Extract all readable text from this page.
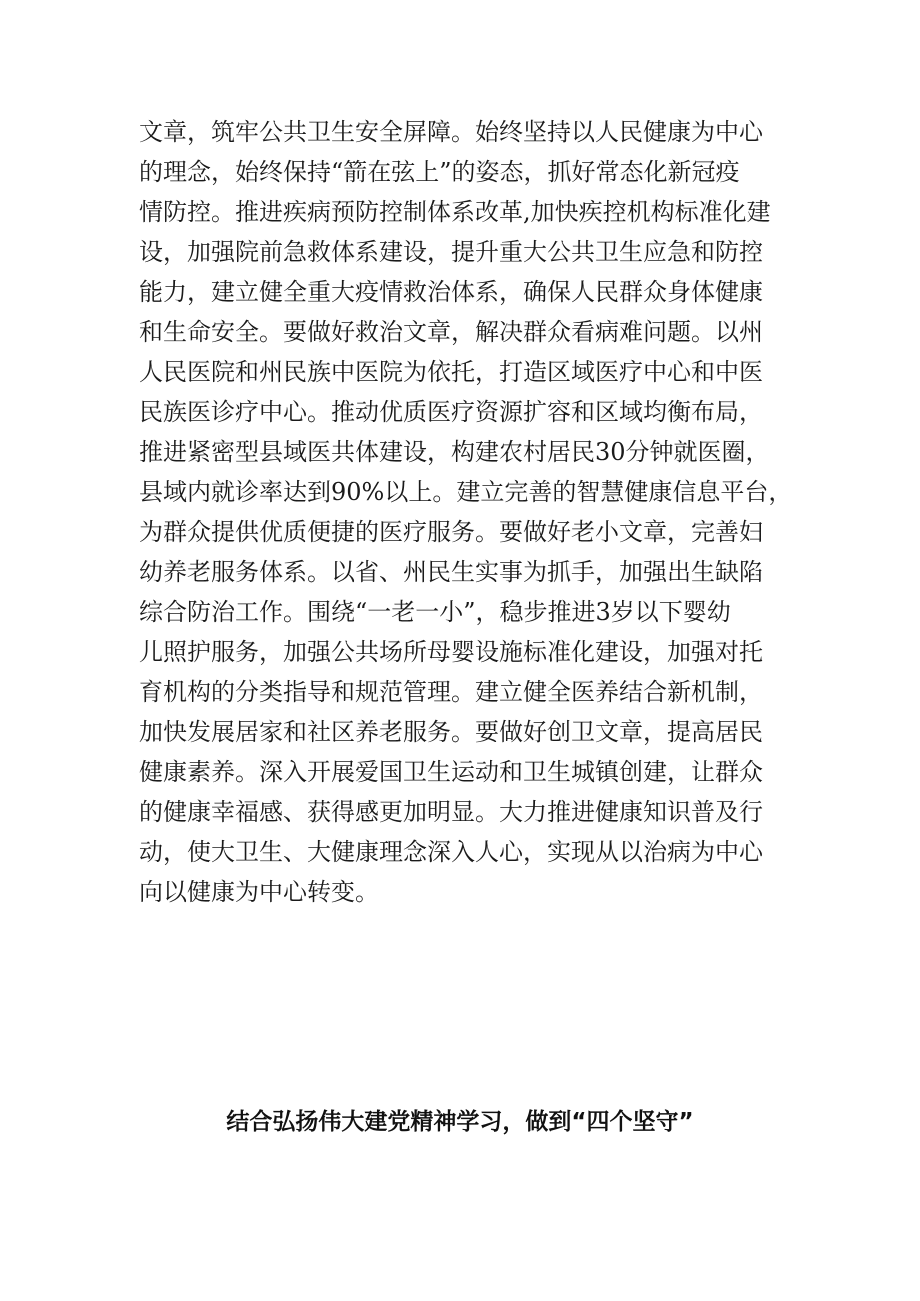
文章，筑牢公共卫生安全屏障。始终坚持以人民健康为中心
的理念，始终保持“箭在弦上”的姿态，抓好常态化新冠疫
情防控。推进疾病预防控制体系改革,加快疾控机构标准化建
设，加强院前急救体系建设，提升重大公共卫生应急和防控
能力，建立健全重大疫情救治体系，确保人民群众身体健康
和生命安全。要做好救治文章，解决群众看病难问题。以州
人民医院和州民族中医院为依托，打造区域医疗中心和中医
民族医诊疗中心。推动优质医疗资源扩容和区域均衡布局，
推进紧密型县域医共体建设，构建农村居民30分钟就医圈，
县域内就诊率达到90%以上。建立完善的智慧健康信息平台，
为群众提供优质便捷的医疗服务。要做好老小文章，完善妇
幼养老服务体系。以省、州民生实事为抓手，加强出生缺陷
综合防治工作。围绕“一老一小”，稳步推进3岁以下婴幼
儿照护服务，加强公共场所母婴设施标准化建设，加强对托
育机构的分类指导和规范管理。建立健全医养结合新机制，
加快发展居家和社区养老服务。要做好创卫文章，提高居民
健康素养。深入开展爱国卫生运动和卫生城镇创建，让群众
的健康幸福感、获得感更加明显。大力推进健康知识普及行
动，使大卫生、大健康理念深入人心，实现从以治病为中心
向以健康为中心转变。
结合弘扬伟大建党精神学习，做到“四个坚守”
